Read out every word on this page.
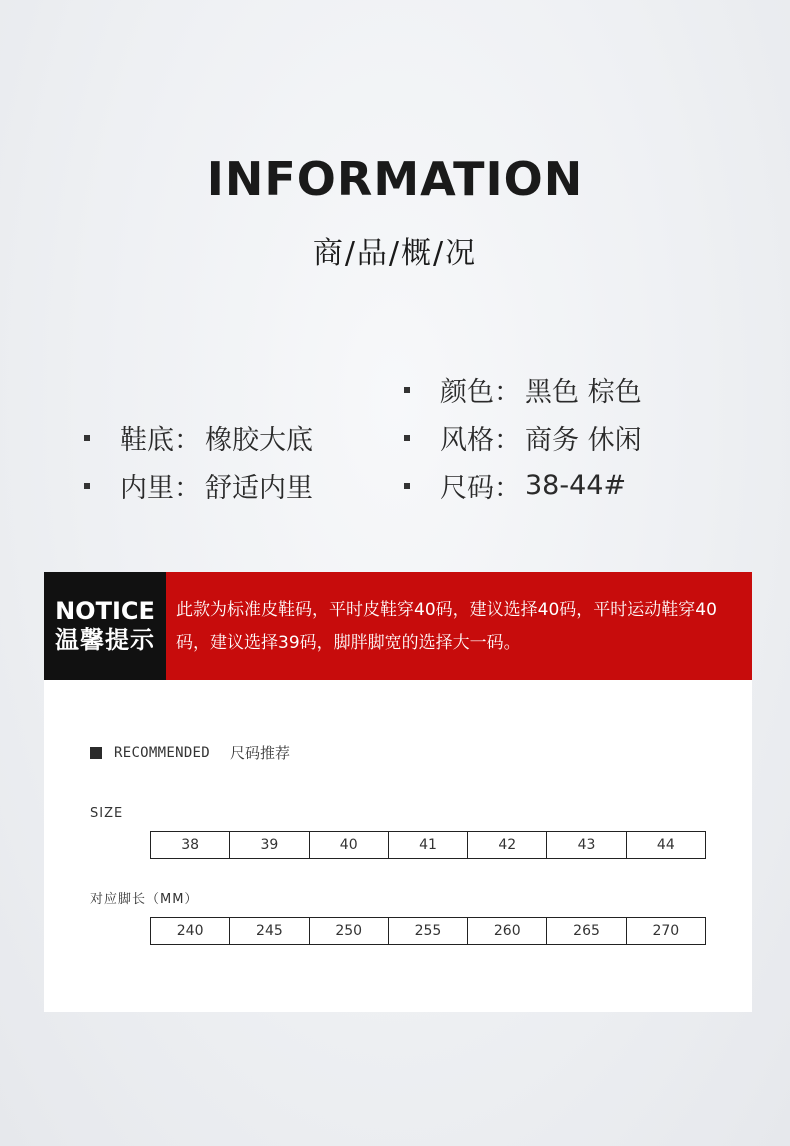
INFORMATION
商/品/概/况
颜色： 黑色 棕色
鞋底： 橡胶大底	风格： 商务 休闲
内里： 舒适内里	尺码： 38-44#
NOTICE
温馨提示
此款为标准皮鞋码，平时皮鞋穿40码，建议选择40码，平时运动鞋穿40码，建议选择39码，脚胖脚宽的选择大一码。
RECOMMENDED 尺码推荐
SIZE
38	39	40	41	42	43	44
对应脚长（MM）
240	245	250	255	260	265	270
